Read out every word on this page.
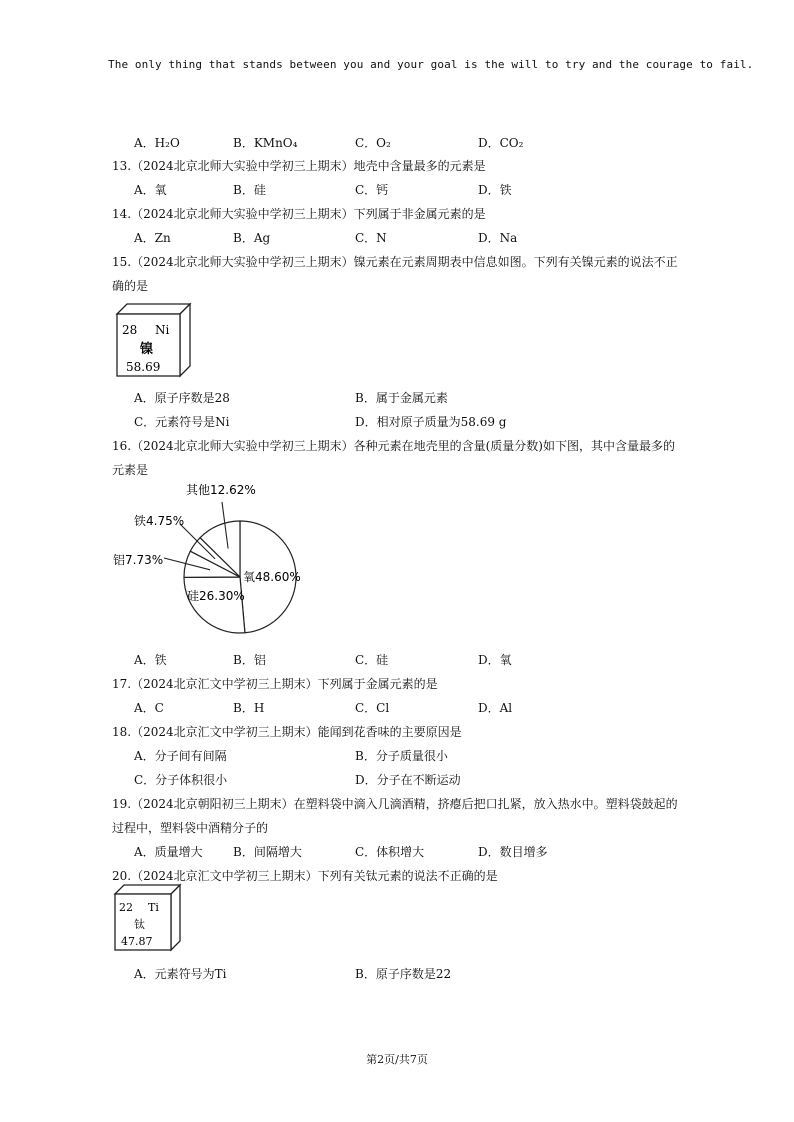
The only thing that stands between you and your goal is the will to try and the courage to fail.
A．H₂O	B．KMnO₄	C．O₂	D．CO₂
13.（2024北京北师大实验中学初三上期末）地壳中含量最多的元素是
A．氧	B．硅	C．钙	D．铁
14.（2024北京北师大实验中学初三上期末）下列属于非金属元素的是
A．Zn	B．Ag	C．N	D．Na
15.（2024北京北师大实验中学初三上期末）镍元素在元素周期表中信息如图。下列有关镍元素的说法不正
确的是
28 Ni
镍
58.69
A．原子序数是28	B．属于金属元素
C．元素符号是Ni	D．相对原子质量为58.69 g
16.（2024北京北师大实验中学初三上期末）各种元素在地壳里的含量(质量分数)如下图，其中含量最多的
元素是
氧48.60%
硅26.30%
铝7.73%
铁4.75%
其他12.62%
A．铁	B．铝	C．硅	D．氧
17.（2024北京汇文中学初三上期末）下列属于金属元素的是
A．C	B．H	C．Cl	D．Al
18.（2024北京汇文中学初三上期末）能闻到花香味的主要原因是
A．分子间有间隔	B．分子质量很小
C．分子体积很小	D．分子在不断运动
19.（2024北京朝阳初三上期末）在塑料袋中滴入几滴酒精，挤瘪后把口扎紧，放入热水中。塑料袋鼓起的
过程中，塑料袋中酒精分子的
A．质量增大	B．间隔增大	C．体积增大	D．数目增多
20.（2024北京汇文中学初三上期末）下列有关钛元素的说法不正确的是
22 Ti
钛
47.87
A．元素符号为Ti	B．原子序数是22
第2页/共7页
